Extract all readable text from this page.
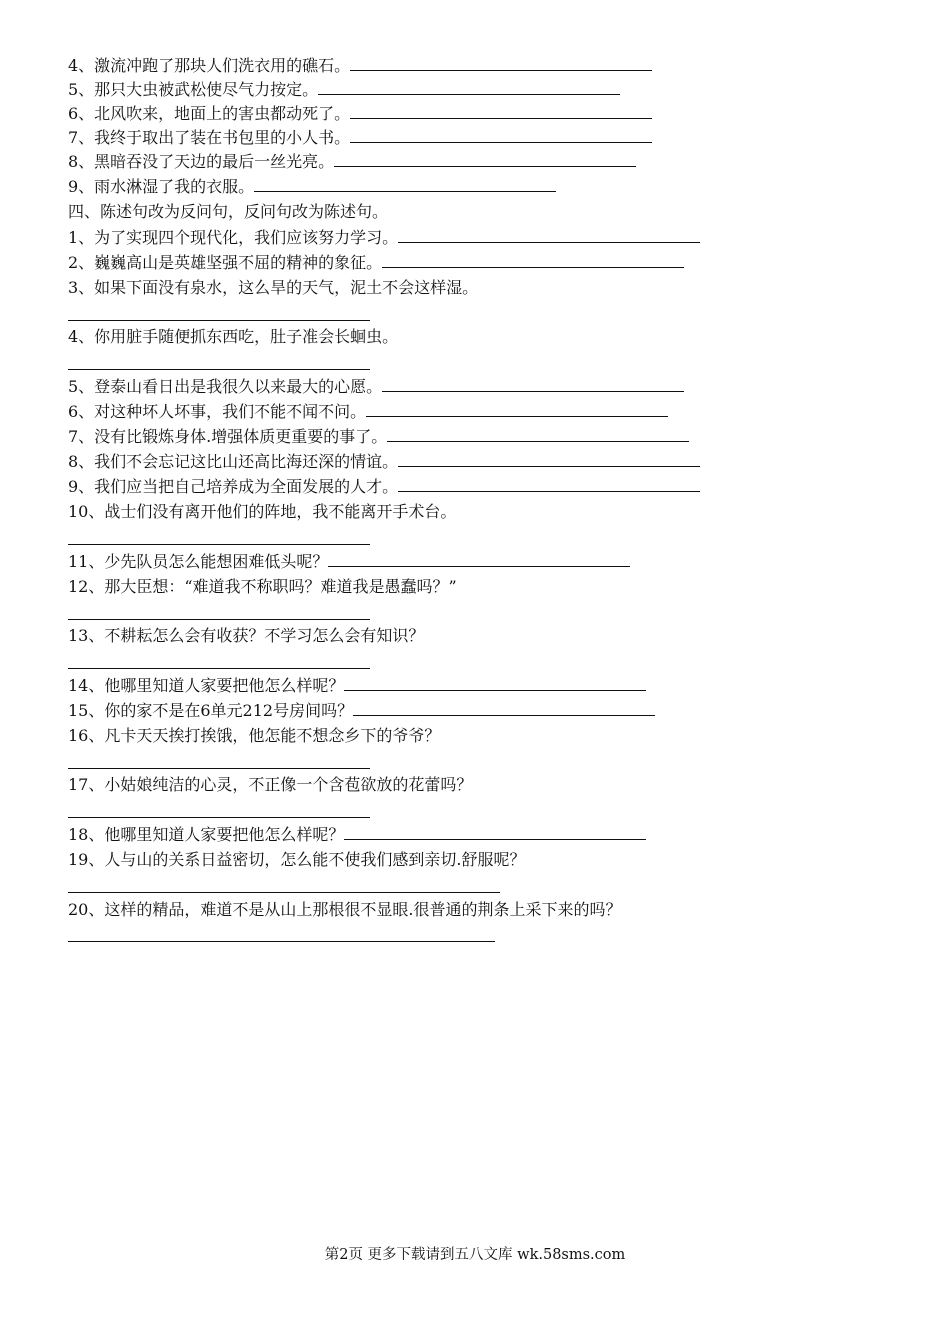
4、激流冲跑了那块人们洗衣用的礁石。
5、那只大虫被武松使尽气力按定。
6、北风吹来，地面上的害虫都动死了。
7、我终于取出了装在书包里的小人书。
8、黑暗吞没了天边的最后一丝光亮。
9、雨水淋湿了我的衣服。
四、陈述句改为反问句，反问句改为陈述句。
1、为了实现四个现代化，我们应该努力学习。
2、巍巍高山是英雄坚强不屈的精神的象征。
3、如果下面没有泉水，这么旱的天气，泥土不会这样湿。
4、你用脏手随便抓东西吃，肚子准会长蛔虫。
5、登泰山看日出是我很久以来最大的心愿。
6、对这种坏人坏事，我们不能不闻不问。
7、没有比锻炼身体.增强体质更重要的事了。
8、我们不会忘记这比山还高比海还深的情谊。
9、我们应当把自己培养成为全面发展的人才。
10、战士们没有离开他们的阵地，我不能离开手术台。
11、少先队员怎么能想困难低头呢？
12、那大臣想：“难道我不称职吗？难道我是愚蠢吗？”
13、不耕耘怎么会有收获？不学习怎么会有知识？
14、他哪里知道人家要把他怎么样呢？
15、你的家不是在6单元212号房间吗？
16、凡卡天天挨打挨饿，他怎能不想念乡下的爷爷？
17、小姑娘纯洁的心灵，不正像一个含苞欲放的花蕾吗？
18、他哪里知道人家要把他怎么样呢？
19、人与山的关系日益密切，怎么能不使我们感到亲切.舒服呢？
20、这样的精品，难道不是从山上那根很不显眼.很普通的荆条上采下来的吗？
第2页 更多下载请到五八文库 wk.58sms.com
